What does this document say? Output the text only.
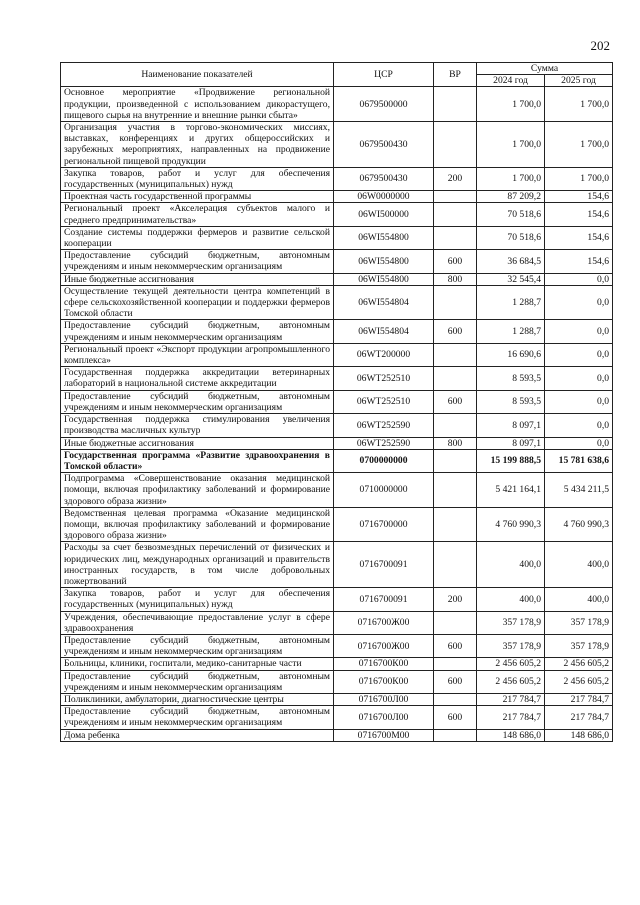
202
Наименование показателей	ЦСР	ВР	Сумма	
			2024 год	2025 год
Основное мероприятие «Продвижение региональной продукции, произведенной с использованием дикорастущего, пищевого сырья на внутренние и внешние рынки сбыта»	0679500000		1 700,0	1 700,0
Организация участия в торгово-экономических миссиях, выставках, конференциях и других общероссийских и зарубежных мероприятиях, направленных на продвижение региональной пищевой продукции	0679500430		1 700,0	1 700,0
Закупка товаров, работ и услуг для обеспечения государственных (муниципальных) нужд	0679500430	200	1 700,0	1 700,0
Проектная часть государственной программы	06W0000000		87 209,2	154,6
Региональный проект «Акселерация субъектов малого и среднего предпринимательства»	06WI500000		70 518,6	154,6
Создание системы поддержки фермеров и развитие сельской кооперации	06WI554800		70 518,6	154,6
Предоставление субсидий бюджетным, автономным учреждениям и иным некоммерческим организациям	06WI554800	600	36 684,5	154,6
Иные бюджетные ассигнования	06WI554800	800	32 545,4	0,0
Осуществление текущей деятельности центра компетенций в сфере сельскохозяйственной кооперации и поддержки фермеров Томской области	06WI554804		1 288,7	0,0
Предоставление субсидий бюджетным, автономным учреждениям и иным некоммерческим организациям	06WI554804	600	1 288,7	0,0
Региональный проект «Экспорт продукции агропромышленного комплекса»	06WT200000		16 690,6	0,0
Государственная поддержка аккредитации ветеринарных лабораторий в национальной системе аккредитации	06WT252510		8 593,5	0,0
Предоставление субсидий бюджетным, автономным учреждениям и иным некоммерческим организациям	06WT252510	600	8 593,5	0,0
Государственная поддержка стимулирования увеличения производства масличных культур	06WT252590		8 097,1	0,0
Иные бюджетные ассигнования	06WT252590	800	8 097,1	0,0
Государственная программа «Развитие здравоохранения в Томской области»	0700000000		15 199 888,5	15 781 638,6
Подпрограмма «Совершенствование оказания медицинской помощи, включая профилактику заболеваний и формирование здорового образа жизни»	0710000000		5 421 164,1	5 434 211,5
Ведомственная целевая программа «Оказание медицинской помощи, включая профилактику заболеваний и формирование здорового образа жизни»	0716700000		4 760 990,3	4 760 990,3
Расходы за счет безвозмездных перечислений от физических и юридических лиц, международных организаций и правительств иностранных государств, в том числе добровольных пожертвований	0716700091		400,0	400,0
Закупка товаров, работ и услуг для обеспечения государственных (муниципальных) нужд	0716700091	200	400,0	400,0
Учреждения, обеспечивающие предоставление услуг в сфере здравоохранения	0716700Ж00		357 178,9	357 178,9
Предоставление субсидий бюджетным, автономным учреждениям и иным некоммерческим организациям	0716700Ж00	600	357 178,9	357 178,9
Больницы, клиники, госпитали, медико-санитарные части	0716700К00		2 456 605,2	2 456 605,2
Предоставление субсидий бюджетным, автономным учреждениям и иным некоммерческим организациям	0716700К00	600	2 456 605,2	2 456 605,2
Поликлиники, амбулатории, диагностические центры	0716700Л00		217 784,7	217 784,7
Предоставление субсидий бюджетным, автономным учреждениям и иным некоммерческим организациям	0716700Л00	600	217 784,7	217 784,7
Дома ребенка	0716700М00		148 686,0	148 686,0
